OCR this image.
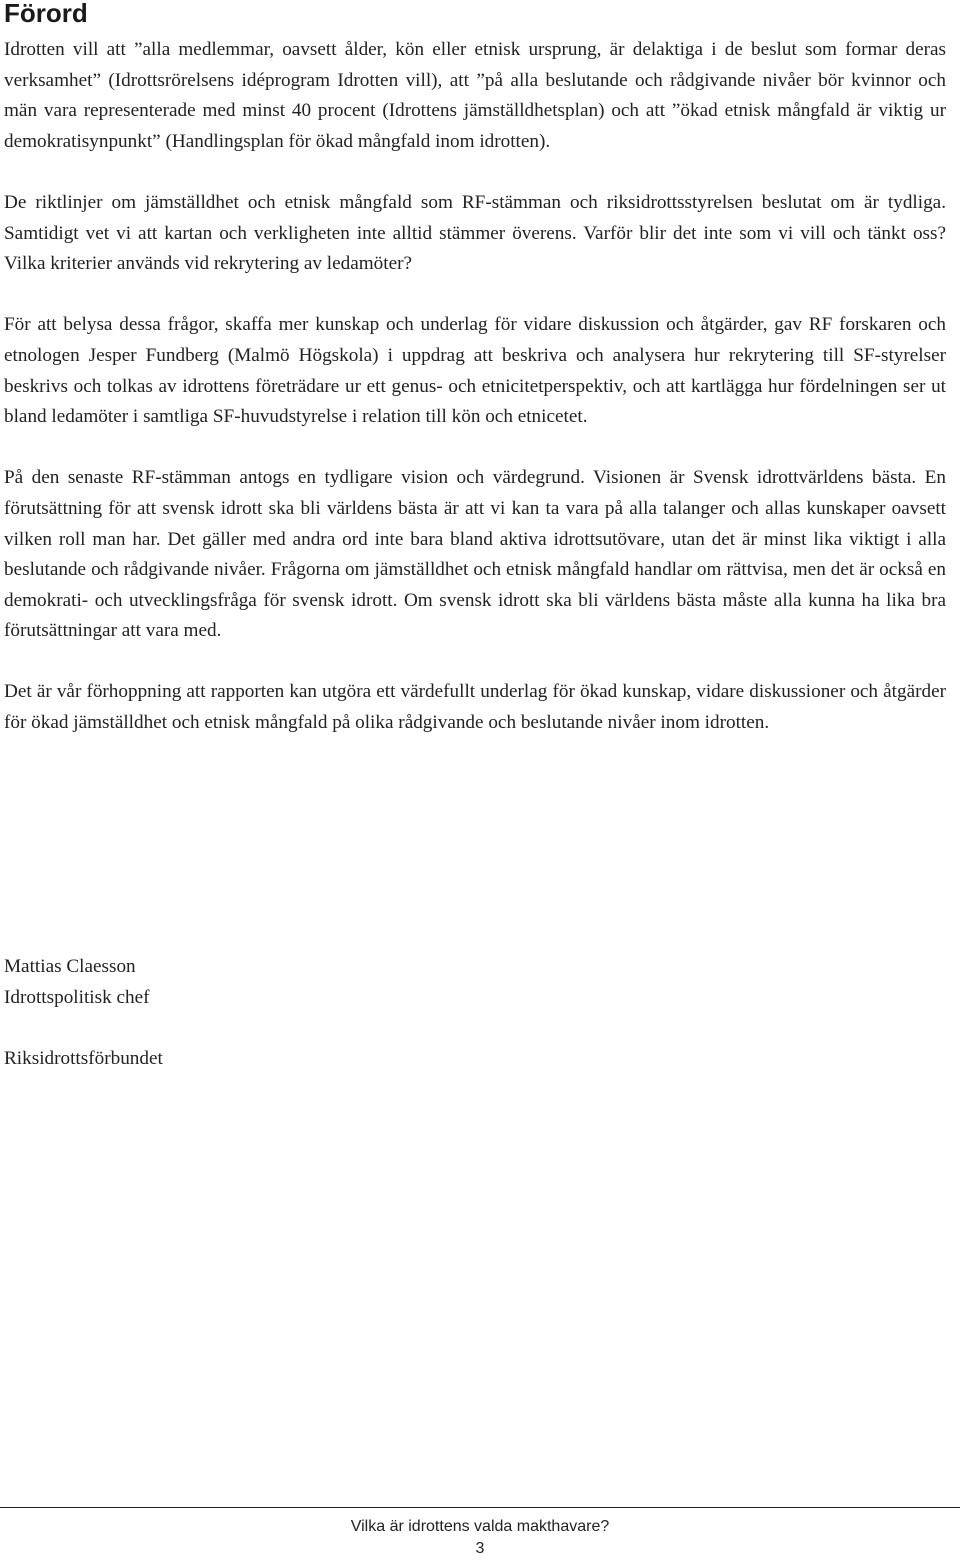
Förord

Idrotten vill att ”alla medlemmar, oavsett ålder, kön eller etnisk ursprung, är delaktiga i de beslut som formar deras verksamhet” (Idrottsrörelsens idéprogram Idrotten vill), att ”på alla beslutande och rådgivande nivåer bör kvinnor och män vara representerade med minst 40 procent (Idrottens jämställdhetsplan) och att ”ökad etnisk mångfald är viktig ur demokratisynpunkt” (Handlingsplan för ökad mångfald inom idrotten).

De riktlinjer om jämställdhet och etnisk mångfald som RF-stämman och riksidrottsstyrelsen beslutat om är tydliga. Samtidigt vet vi att kartan och verkligheten inte alltid stämmer överens. Varför blir det inte som vi vill och tänkt oss? Vilka kriterier används vid rekrytering av ledamöter?

För att belysa dessa frågor, skaffa mer kunskap och underlag för vidare diskussion och åtgärder, gav RF forskaren och etnologen Jesper Fundberg (Malmö Högskola) i uppdrag att beskriva och analysera hur rekrytering till SF-styrelser beskrivs och tolkas av idrottens företrädare ur ett genus- och etnicitetperspektiv, och att kartlägga hur fördelningen ser ut bland ledamöter i samtliga SF-huvudstyrelse i relation till kön och etnicetet.

På den senaste RF-stämman antogs en tydligare vision och värdegrund. Visionen är Svensk idrottvärldens bästa. En förutsättning för att svensk idrott ska bli världens bästa är att vi kan ta vara på alla talanger och allas kunskaper oavsett vilken roll man har. Det gäller med andra ord inte bara bland aktiva idrottsutövare, utan det är minst lika viktigt i alla beslutande och rådgivande nivåer. Frågorna om jämställdhet och etnisk mångfald handlar om rättvisa, men det är också en demokrati- och utvecklingsfråga för svensk idrott. Om svensk idrott ska bli världens bästa måste alla kunna ha lika bra förutsättningar att vara med.

Det är vår förhoppning att rapporten kan utgöra ett värdefullt underlag för ökad kunskap, vidare diskussioner och åtgärder för ökad jämställdhet och etnisk mångfald på olika rådgivande och beslutande nivåer inom idrotten.

Mattias Claesson
Idrottspolitisk chef
Riksidrottsförbundet
Vilka är idrottens valda makthavare?
3
